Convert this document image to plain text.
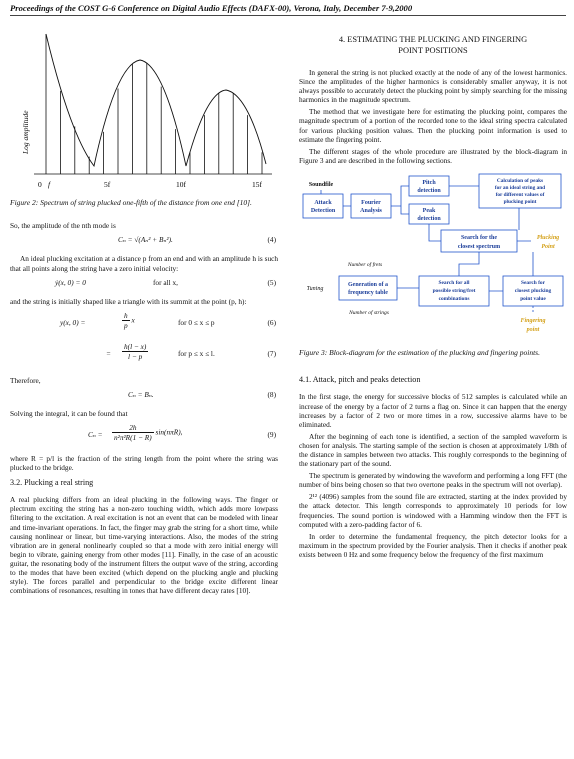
Proceedings of the COST G-6 Conference on Digital Audio Effects (DAFX-00), Verona, Italy, December 7-9,2000
Log amplitude
0 f	5f	10f	15f
Figure 2: Spectrum of string plucked one-fifth of the distance from one end [10].

So, the amplitude of the nth mode is

Cₙ = √(Aₙ² + Bₙ²).	(4)

An ideal plucking excitation at a distance p from an end and with an amplitude h is such that all points along the string have a zero initial velocity:

ẏ(x, 0) = 0	for all x,	(5)

and the string is initially shaped like a triangle with its summit at the point (p, h):

y(x, 0) =	$\frac{h}{p}$ x	for 0 ≤ x ≤ p	(6)
= $\frac{h(l - x)}{l - p}$	for p ≤ x ≤ l.	(7)

Therefore,

Cₙ = Bₙ.	(8)

Solving the integral, it can be found that

$C_n = \frac{2h}{\text{n²π²R(1 − R)}} \sin(n\pi R)$,	(9)

where R = p/l is the fraction of the string length from the point where the string was plucked to the bridge.

3.2. Plucking a real string

A real plucking differs from an ideal plucking in the following ways. The finger or plectrum exciting the string has a non-zero touching width, which adds more lowpass filtering to the excitation. A real excitation is not an event that can be modeled with linear and time-invariant operations. In fact, the finger may grab the string for a short time, while causing nonlinear or linear, but time-varying interactions. Also, the modes of the string vibration are in general nonlinearly coupled so that a mode with zero initial energy will begin to vibrate, gaining energy from other modes [11]. Finally, in the case of an acoustic guitar, the resonating body of the instrument filters the output wave of the string, according to the modes that have been excited (which depend on the plucking angle and plucking style). The forces parallel and perpendicular to the bridge excite different linear combinations of resonances, resulting in tones that have different decay rates [10].

4. ESTIMATING THE PLUCKING AND FINGERING
POINT POSITIONS

In general the string is not plucked exactly at the node of any of the lowest harmonics. Since the amplitudes of the higher harmonics is considerably smaller anyway, it is not always possible to accurately detect the plucking point by simply searching for the missing harmonics in the magnitude spectrum.

The method that we investigate here for estimating the plucking point, compares the magnitude spectrum of a portion of the recorded tone to the ideal string spectra calculated for various plucking position values. Then the plucking point information is used to estimate the fingering point.

The different stages of the whole procedure are illustrated by the block-diagram in Figure 3 and are described in the following sections.

Soundfile
Attack
Detection
Fourier
Analysis
Pitch
detection
Peak
detection
Calculation of peaks
for an ideal string and
for different values of
plucking point
Search for the
closest spectrum
Plucking
Point
Number of frets
Tuning
Generation of a
frequency table
Number of strings
Search for all
possible string/fret
combinations
Search for
closest plucking
point value
Fingering
point
Figure 3: Block-diagram for the estimation of the plucking and fingering points.
4.1. Attack, pitch and peaks detection

In the first stage, the energy for successive blocks of 512 samples is calculated while an increase of the energy by a factor of 2 turns a flag on. Since it can happen that the energy increases by a factor of 2 two or more times in a row, successive alarms have to be eliminated.

After the beginning of each tone is identified, a section of the sampled waveform is chosen for analysis. The starting sample of the section is chosen at approximately 1/8th of the distance in samples between two attacks. This roughly corresponds to the beginning of the stationary part of the sound.

The spectrum is generated by windowing the waveform and performing a long FFT (the number of bins being chosen so that two overtone peaks in the spectrum will not overlap).

2¹² (4096) samples from the sound file are extracted, starting at the index provided by the attack detector. This length corresponds to approximately 10 periods for low frequencies. The sound portion is windowed with a Hamming window then the FFT is computed with a zero-padding factor of 6.

In order to determine the fundamental frequency, the pitch detector looks for a maximum in the spectrum provided by the Fourier analysis. Then it checks if another peak exists between 0 Hz and some frequency below the frequency of the first maximum
